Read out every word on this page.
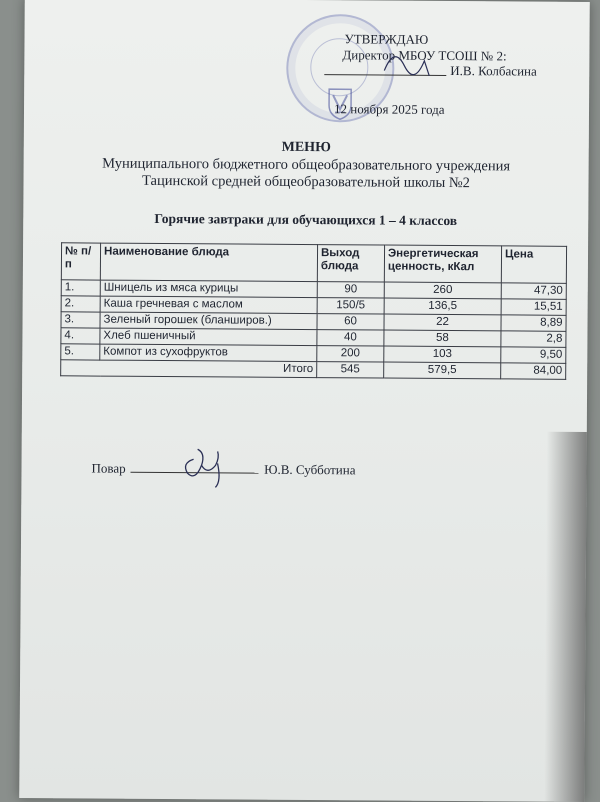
УТВЕРЖДАЮ
Директор МБОУ ТСОШ № 2:
И.В. Колбасина
12 ноября 2025 года
МЕНЮ
Муниципального бюджетного общеобразовательного учреждения
Тацинской средней общеобразовательной школы №2
Горячие завтраки для обучающихся 1 – 4 классов
№ п/п	Наименование блюда	Выход блюда	Энергетическая ценность, кКал	Цена
1.	Шницель из мяса курицы	90	260	47,30
2.	Каша гречневая с маслом	150/5	136,5	15,51
3.	Зеленый горошек (бланширов.)	60	22	8,89
4.	Хлеб пшеничный	40	58	2,8
5.	Компот из сухофруктов	200	103	9,50
Итого		545	579,5	84,00
Повар	Ю.В. Субботина
